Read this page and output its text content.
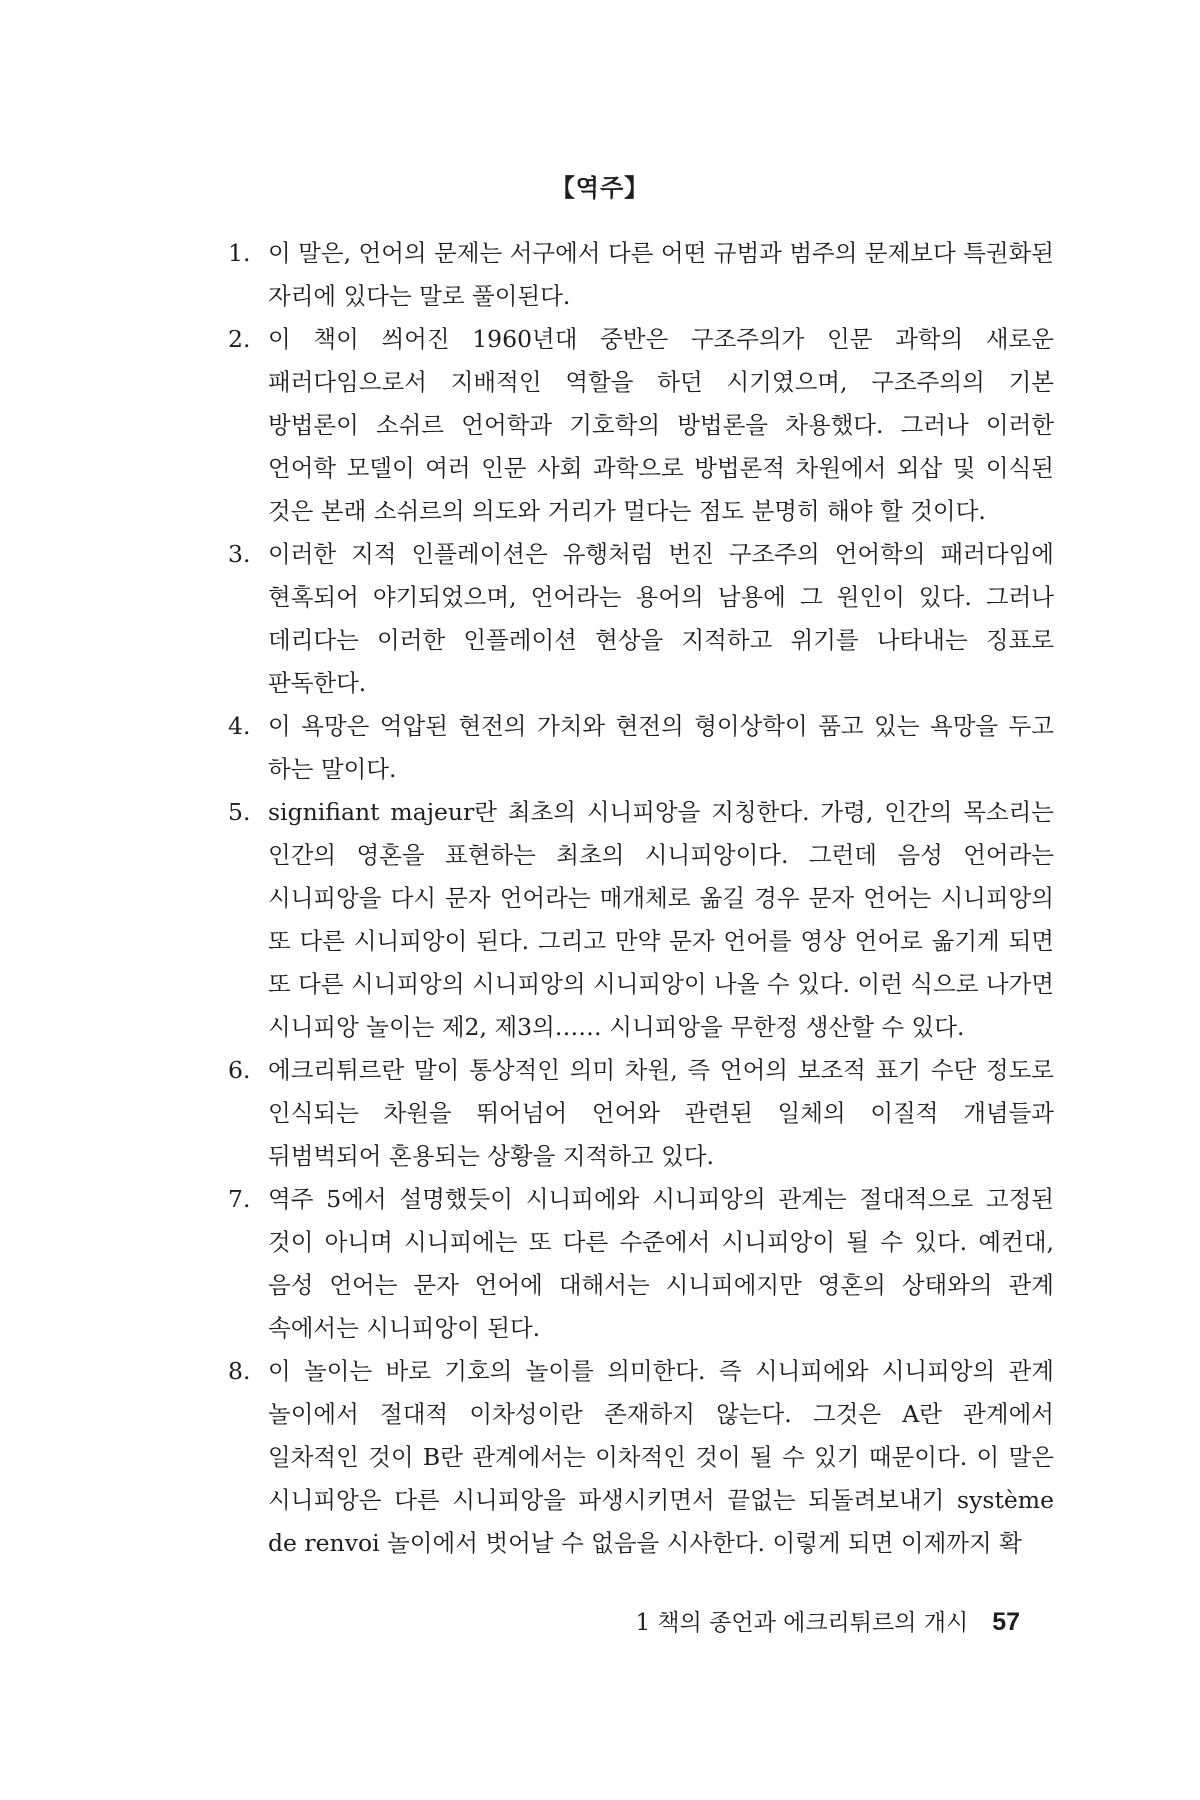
【역주】
1. 이 말은, 언어의 문제는 서구에서 다른 어떤 규범과 범주의 문제보다 특권화된 자리에 있다는 말로 풀이된다.
2. 이 책이 씌어진 1960년대 중반은 구조주의가 인문 과학의 새로운 패러다임으로서 지배적인 역할을 하던 시기였으며, 구조주의의 기본 방법론이 소쉬르 언어학과 기호학의 방법론을 차용했다. 그러나 이러한 언어학 모델이 여러 인문 사회 과학으로 방법론적 차원에서 외삽 및 이식된 것은 본래 소쉬르의 의도와 거리가 멀다는 점도 분명히 해야 할 것이다.
3. 이러한 지적 인플레이션은 유행처럼 번진 구조주의 언어학의 패러다임에 현혹되어 야기되었으며, 언어라는 용어의 남용에 그 원인이 있다. 그러나 데리다는 이러한 인플레이션 현상을 지적하고 위기를 나타내는 징표로 판독한다.
4. 이 욕망은 억압된 현전의 가치와 현전의 형이상학이 품고 있는 욕망을 두고 하는 말이다.
5. signifiant majeur란 최초의 시니피앙을 지칭한다. 가령, 인간의 목소리는 인간의 영혼을 표현하는 최초의 시니피앙이다. 그런데 음성 언어라는 시니피앙을 다시 문자 언어라는 매개체로 옮길 경우 문자 언어는 시니피앙의 또 다른 시니피앙이 된다. 그리고 만약 문자 언어를 영상 언어로 옮기게 되면 또 다른 시니피앙의 시니피앙의 시니피앙이 나올 수 있다. 이런 식으로 나가면 시니피앙 놀이는 제2, 제3의…… 시니피앙을 무한정 생산할 수 있다.
6. 에크리튀르란 말이 통상적인 의미 차원, 즉 언어의 보조적 표기 수단 정도로 인식되는 차원을 뛰어넘어 언어와 관련된 일체의 이질적 개념들과 뒤범벅되어 혼용되는 상황을 지적하고 있다.
7. 역주 5에서 설명했듯이 시니피에와 시니피앙의 관계는 절대적으로 고정된 것이 아니며 시니피에는 또 다른 수준에서 시니피앙이 될 수 있다. 예컨대, 음성 언어는 문자 언어에 대해서는 시니피에지만 영혼의 상태와의 관계 속에서는 시니피앙이 된다.
8. 이 놀이는 바로 기호의 놀이를 의미한다. 즉 시니피에와 시니피앙의 관계 놀이에서 절대적 이차성이란 존재하지 않는다. 그것은 A란 관계에서 일차적인 것이 B란 관계에서는 이차적인 것이 될 수 있기 때문이다. 이 말은 시니피앙은 다른 시니피앙을 파생시키면서 끝없는 되돌려보내기 système de renvoi 놀이에서 벗어날 수 없음을 시사한다. 이렇게 되면 이제까지 확
1 책의 종언과 에크리튀르의 개시 57
